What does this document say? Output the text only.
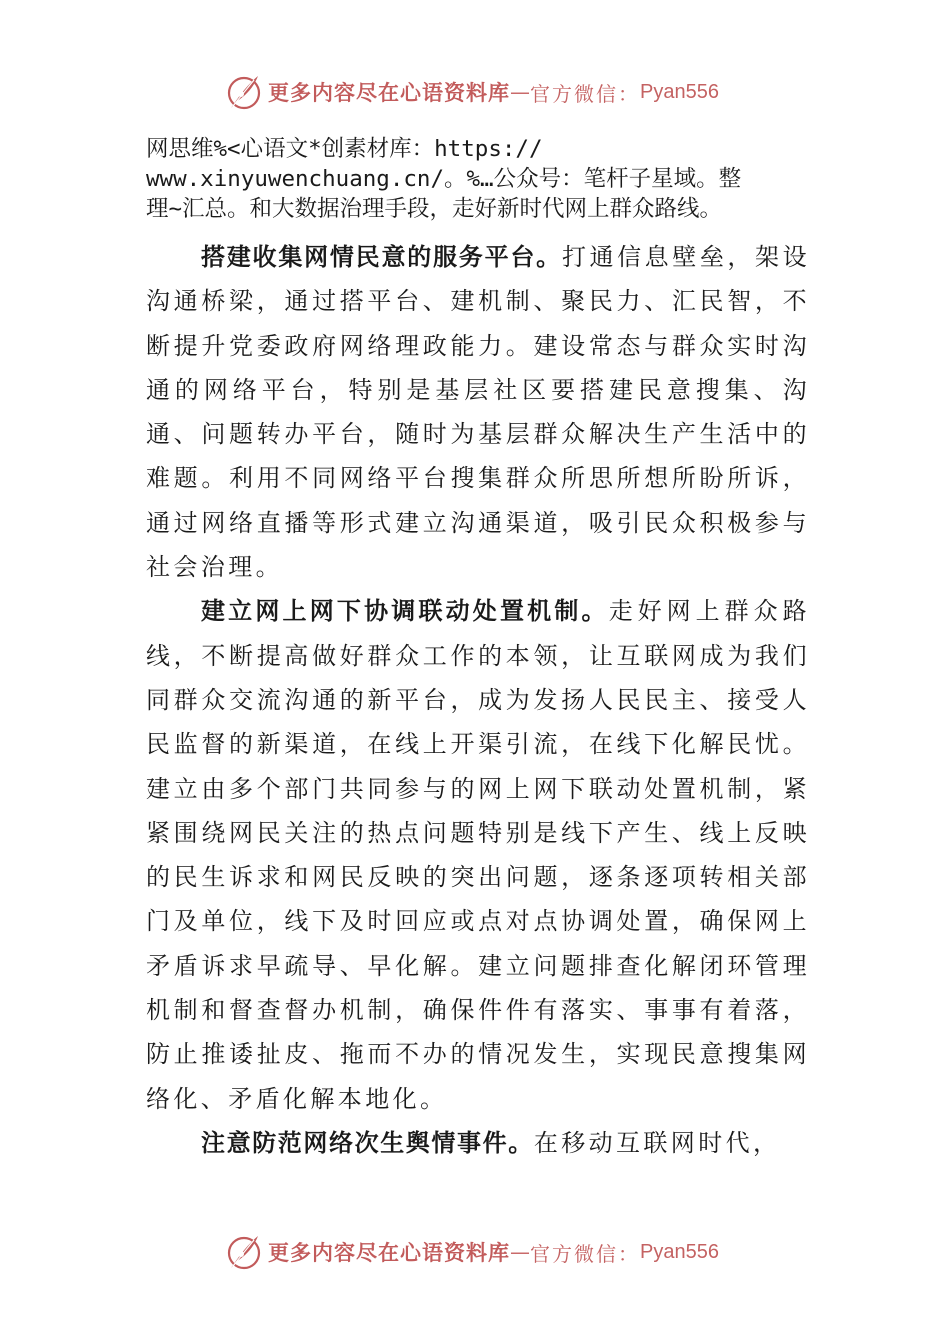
更多内容尽在心语资料库 — 官方微信： Pyan556
网思维%<心语文*创素材库：https://
www.xinyuwenchuang.cn/。%…公众号：笔杆子星域。整
理~汇总。和大数据治理手段，走好新时代网上群众路线。

搭建收集网情民意的服务平台。打通信息壁垒，架设沟通桥梁，通过搭平台、建机制、聚民力、汇民智，不断提升党委政府网络理政能力。建设常态与群众实时沟通的网络平台，特别是基层社区要搭建民意搜集、沟通、问题转办平台，随时为基层群众解决生产生活中的难题。利用不同网络平台搜集群众所思所想所盼所诉，通过网络直播等形式建立沟通渠道，吸引民众积极参与社会治理。

建立网上网下协调联动处置机制。走好网上群众路线，不断提高做好群众工作的本领，让互联网成为我们同群众交流沟通的新平台，成为发扬人民民主、接受人民监督的新渠道，在线上开渠引流，在线下化解民忧。建立由多个部门共同参与的网上网下联动处置机制，紧紧围绕网民关注的热点问题特别是线下产生、线上反映的民生诉求和网民反映的突出问题，逐条逐项转相关部门及单位，线下及时回应或点对点协调处置，确保网上矛盾诉求早疏导、早化解。建立问题排查化解闭环管理机制和督查督办机制，确保件件有落实、事事有着落，防止推诿扯皮、拖而不办的情况发生，实现民意搜集网络化、矛盾化解本地化。

注意防范网络次生舆情事件。在移动互联网时代，

更多内容尽在心语资料库 — 官方微信： Pyan556
